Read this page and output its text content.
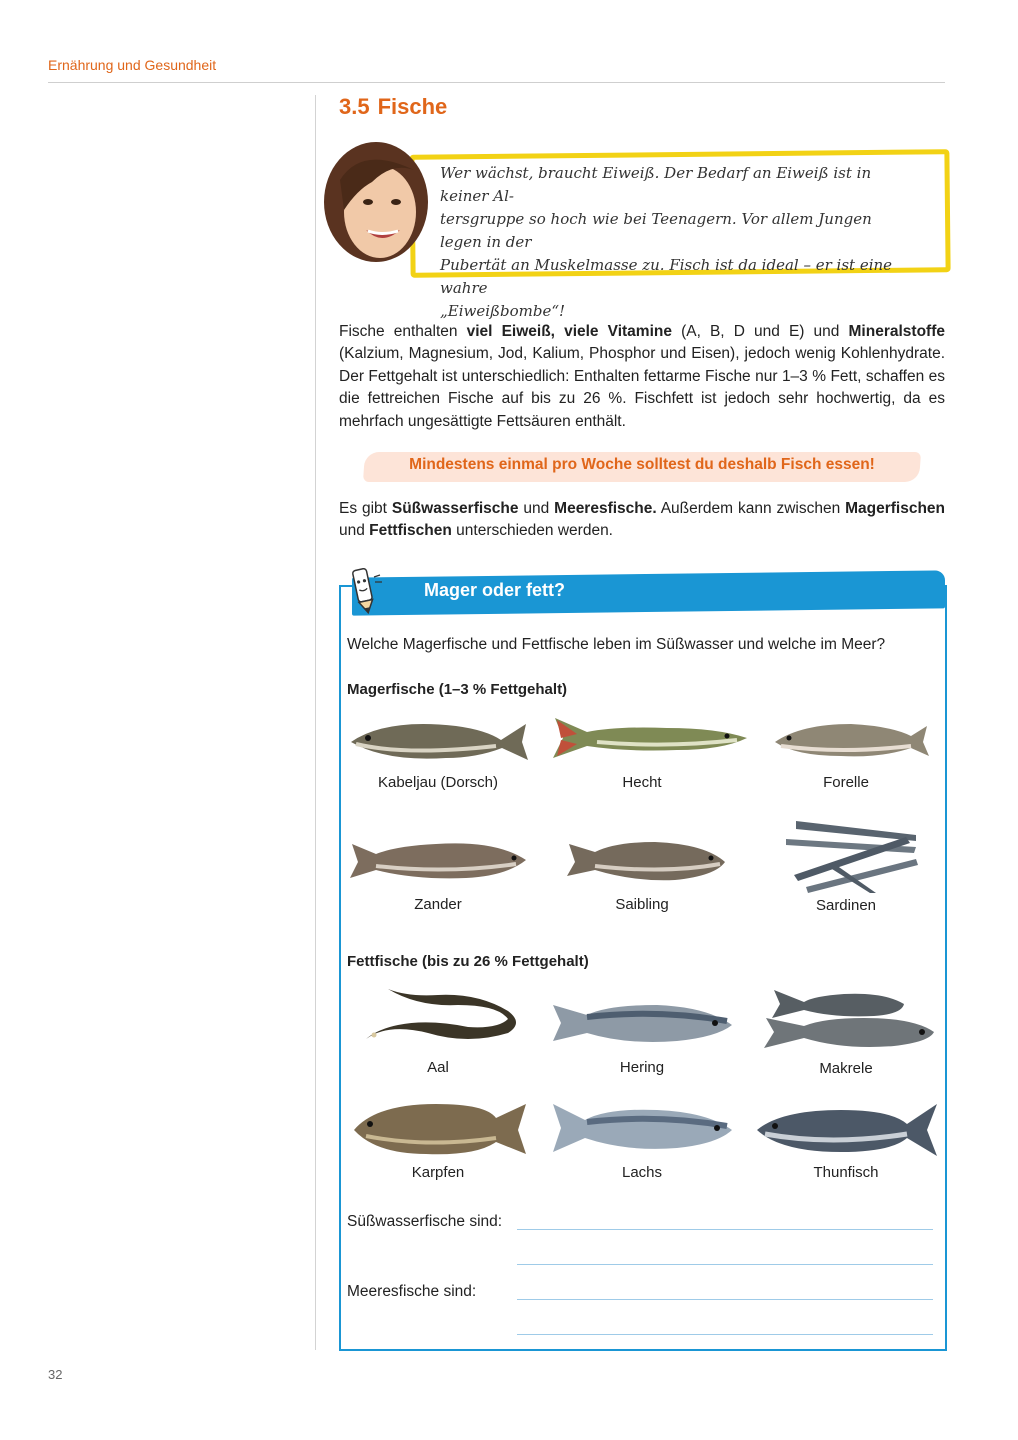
Ernährung und Gesundheit
32
3.5 Fische
Wer wächst, braucht Eiweiß. Der Bedarf an Eiweiß ist in keiner Al-
tersgruppe so hoch wie bei Teenagern. Vor allem Jungen legen in der
Pubertät an Muskelmasse zu. Fisch ist da ideal – er ist eine wahre
„Eiweißbombe“!
Fische enthalten viel Eiweiß, viele Vitamine (A, B, D und E) und Mineralstoffe (Kalzium, Magnesium, Jod, Kalium, Phosphor und Eisen), jedoch wenig Kohlenhydrate. Der Fettgehalt ist unterschiedlich: Enthalten fettarme Fische nur 1–3 % Fett, schaffen es die fettreichen Fische auf bis zu 26 %. Fischfett ist jedoch sehr hochwertig, da es mehrfach ungesättigte Fettsäuren enthält.
Mindestens einmal pro Woche solltest du deshalb Fisch essen!
Es gibt Süßwasserfische und Meeresfische. Außerdem kann zwischen Magerfischen und Fettfischen unterschieden werden.
Mager oder fett?
Welche Magerfische und Fettfische leben im Süßwasser und welche im Meer?
Magerfische (1–3 % Fettgehalt)
Kabeljau (Dorsch)	Hecht	Forelle
Zander	Saibling	Sardinen
Fettfische (bis zu 26 % Fettgehalt)
Aal	Hering	Makrele
Karpfen	Lachs	Thunfisch
Süßwasserfische sind:
Meeresfische sind:
